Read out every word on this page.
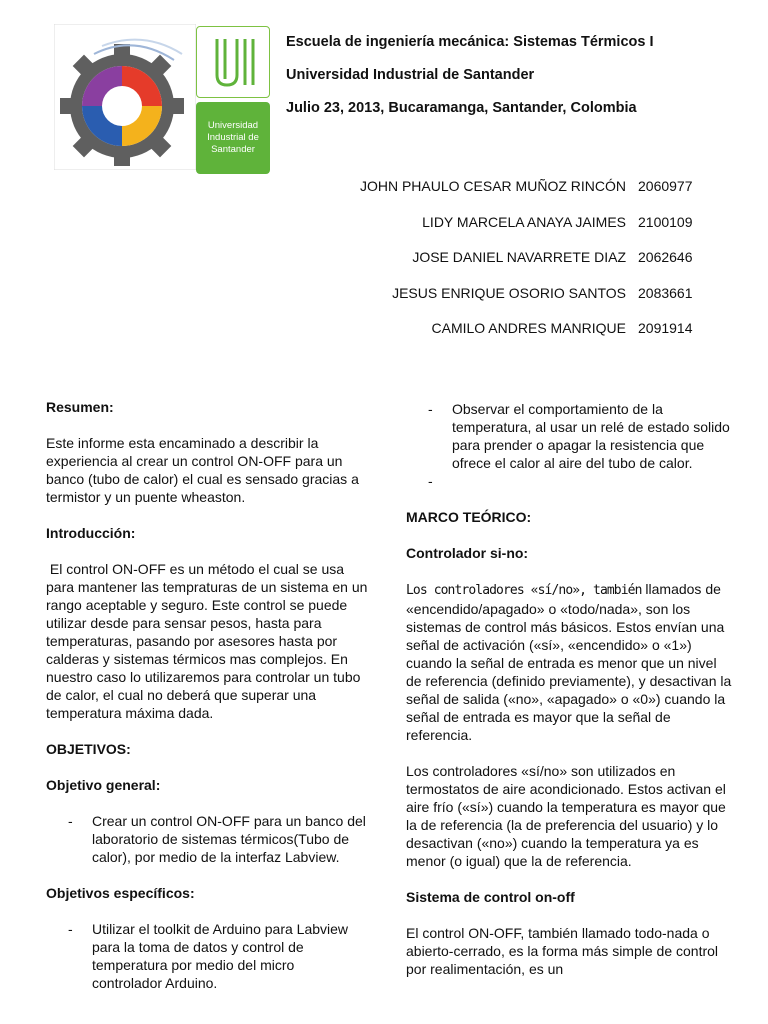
Universidad Industrial de Santander
Escuela de ingeniería mecánica: Sistemas Térmicos I
Universidad Industrial de Santander
Julio 23, 2013, Bucaramanga, Santander, Colombia
JOHN PHAULO CESAR MUÑOZ RINCÓN 2060977
LIDY MARCELA ANAYA JAIMES 2100109
JOSE DANIEL NAVARRETE DIAZ 2062646
JESUS ENRIQUE OSORIO SANTOS 2083661
CAMILO ANDRES MANRIQUE 2091914

Resumen:

Este informe esta encaminado a describir la experiencia al crear un control ON-OFF para un banco (tubo de calor) el cual es sensado gracias a termistor y un puente wheaston.

Introducción:

El control ON-OFF es un método el cual se usa para mantener las tempraturas de un sistema en un rango aceptable y seguro. Este control se puede utilizar desde para sensar pesos, hasta para temperaturas, pasando por asesores hasta por calderas y sistemas térmicos mas complejos. En nuestro caso lo utilizaremos para controlar un tubo de calor, el cual no deberá que superar una temperatura máxima dada.

OBJETIVOS:

Objetivo general:

- Crear un control ON-OFF para un banco del laboratorio de sistemas térmicos(Tubo de calor), por medio de la interfaz Labview.

Objetivos específicos:

- Utilizar el toolkit de Arduino para Labview para la toma de datos y control de temperatura por medio del micro controlador Arduino.
- Observar el comportamiento de la temperatura, al usar un relé de estado solido para prender o apagar la resistencia que ofrece el calor al aire del tubo de calor.
-

MARCO TEÓRICO:

Controlador si-no:

Los controladores «sí/no», también llamados de «encendido/apagado» o «todo/nada», son los sistemas de control más básicos. Estos envían una señal de activación («sí», «encendido» o «1») cuando la señal de entrada es menor que un nivel de referencia (definido previamente), y desactivan la señal de salida («no», «apagado» o «0») cuando la señal de entrada es mayor que la señal de referencia.

Los controladores «sí/no» son utilizados en termostatos de aire acondicionado. Estos activan el aire frío («sí») cuando la temperatura es mayor que la de referencia (la de preferencia del usuario) y lo desactivan («no») cuando la temperatura ya es menor (o igual) que la de referencia.

Sistema de control on-off

El control ON-OFF, también llamado todo-nada o abierto-cerrado, es la forma más simple de control por realimentación, es un
